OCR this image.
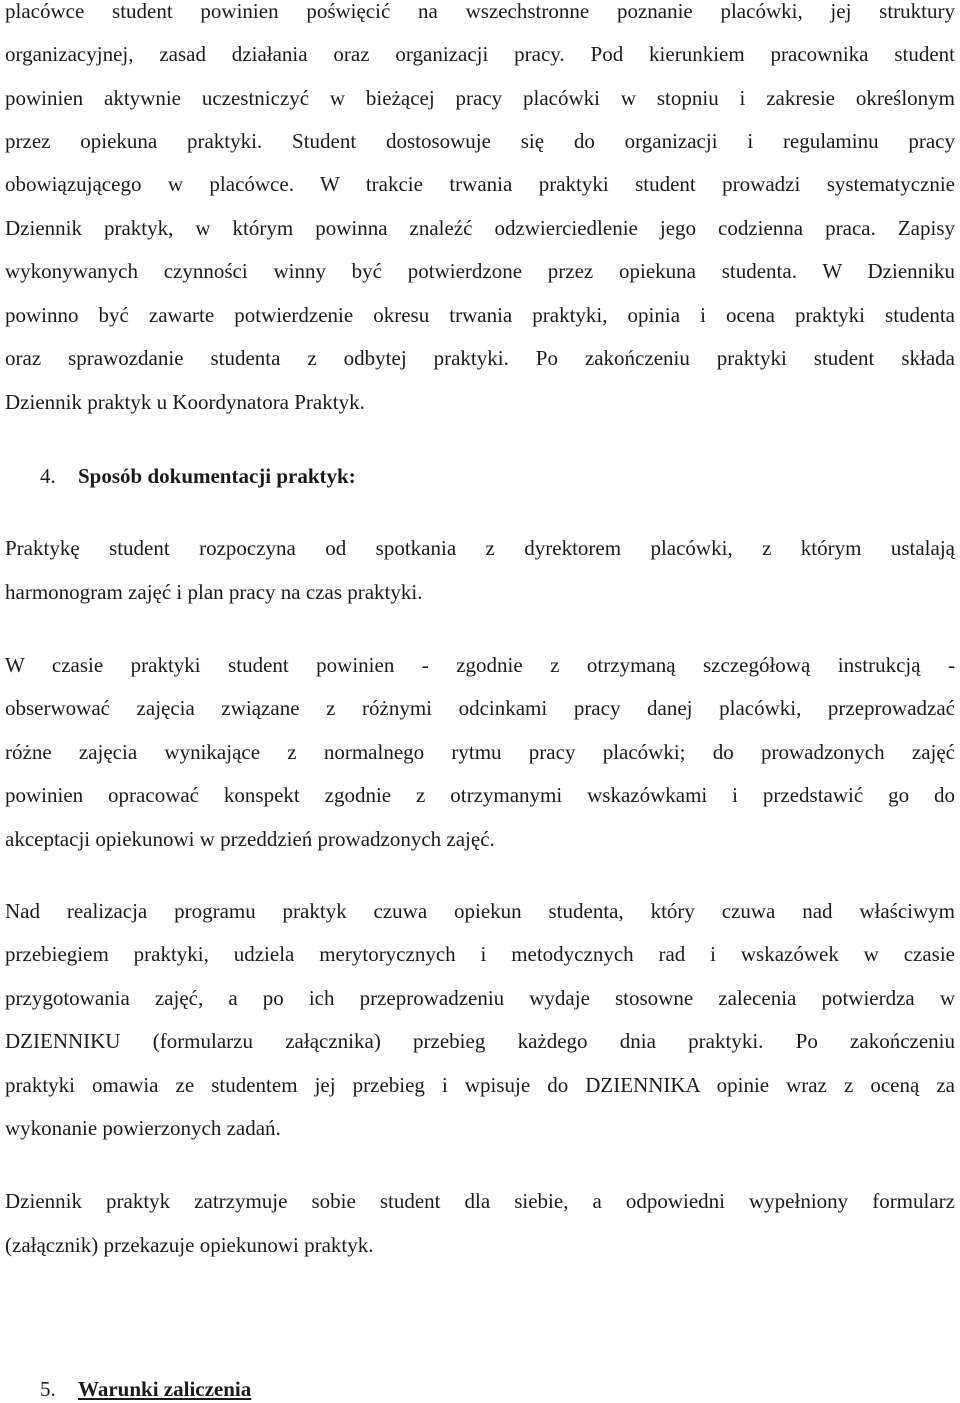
placówce student powinien poświęcić na wszechstronne poznanie placówki, jej struktury
organizacyjnej, zasad działania oraz organizacji pracy. Pod kierunkiem pracownika student
powinien aktywnie uczestniczyć w bieżącej pracy placówki w stopniu i zakresie określonym
przez opiekuna praktyki. Student dostosowuje się do organizacji i regulaminu pracy
obowiązującego w placówce. W trakcie trwania praktyki student prowadzi systematycznie
Dziennik praktyk, w którym powinna znaleźć odzwierciedlenie jego codzienna praca. Zapisy
wykonywanych czynności winny być potwierdzone przez opiekuna studenta. W Dzienniku
powinno być zawarte potwierdzenie okresu trwania praktyki, opinia i ocena praktyki studenta
oraz sprawozdanie studenta z odbytej praktyki. Po zakończeniu praktyki student składa
Dziennik praktyk u Koordynatora Praktyk.
4. Sposób dokumentacji praktyk:
Praktykę student rozpoczyna od spotkania z dyrektorem placówki, z którym ustalają
harmonogram zajęć i plan pracy na czas praktyki.
W czasie praktyki student powinien - zgodnie z otrzymaną szczegółową instrukcją -
obserwować zajęcia związane z różnymi odcinkami pracy danej placówki, przeprowadzać
różne zajęcia wynikające z normalnego rytmu pracy placówki; do prowadzonych zajęć
powinien opracować konspekt zgodnie z otrzymanymi wskazówkami i przedstawić go do
akceptacji opiekunowi w przeddzień prowadzonych zajęć.
Nad realizacja programu praktyk czuwa opiekun studenta, który czuwa nad właściwym
przebiegiem praktyki, udziela merytorycznych i metodycznych rad i wskazówek w czasie
przygotowania zajęć, a po ich przeprowadzeniu wydaje stosowne zalecenia potwierdza w
DZIENNIKU (formularzu załącznika) przebieg każdego dnia praktyki. Po zakończeniu
praktyki omawia ze studentem jej przebieg i wpisuje do DZIENNIKA opinie wraz z oceną za
wykonanie powierzonych zadań.
Dziennik praktyk zatrzymuje sobie student dla siebie, a odpowiedni wypełniony formularz
(załącznik) przekazuje opiekunowi praktyk.
5. Warunki zaliczenia
